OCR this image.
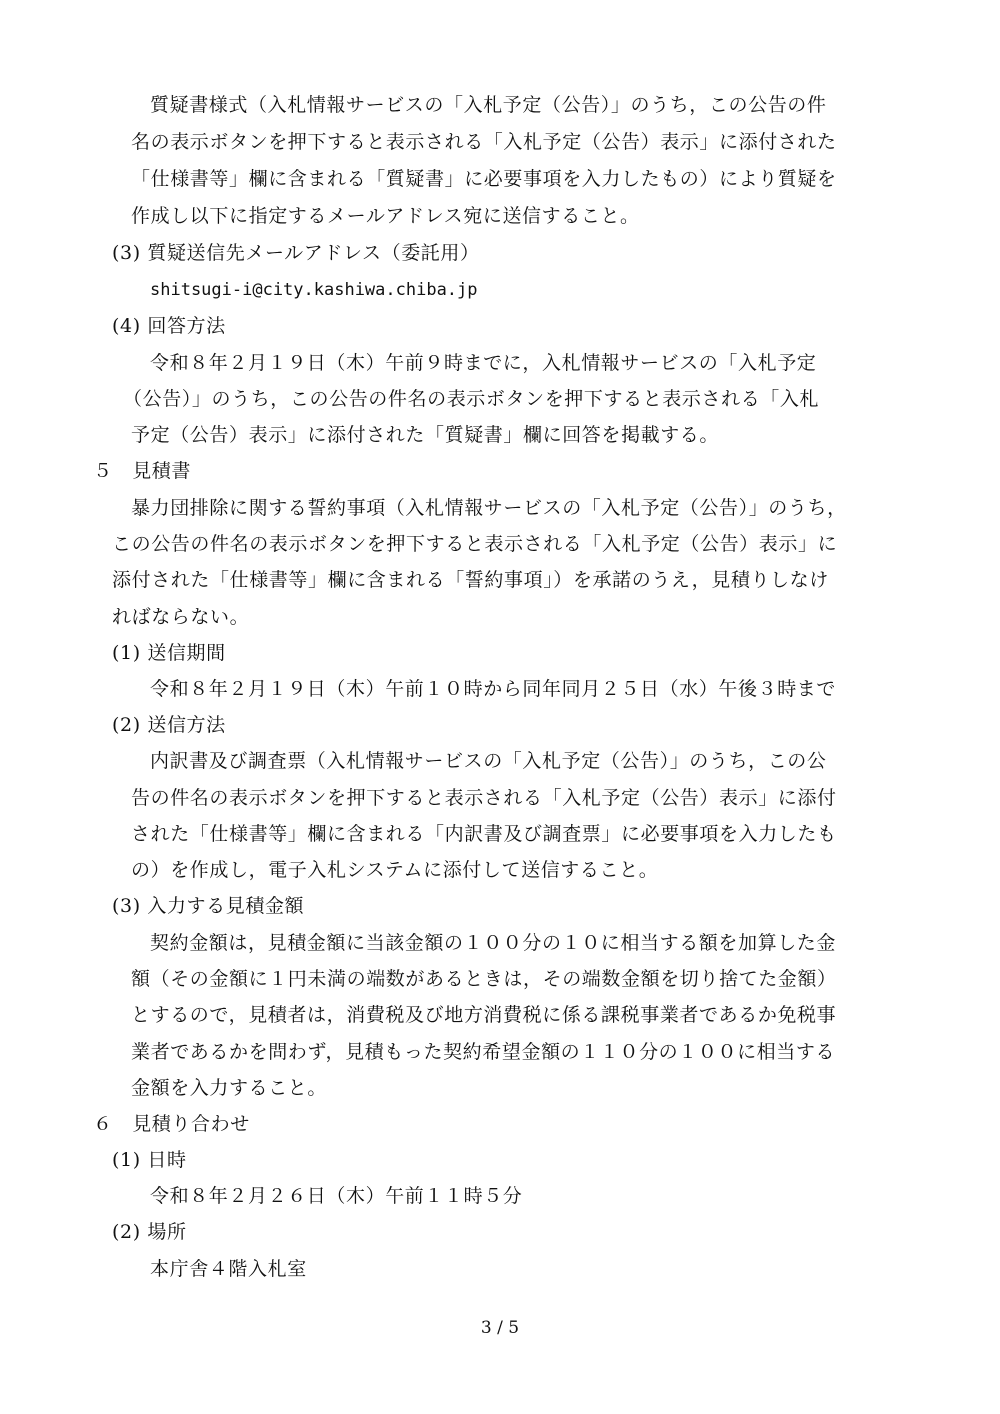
質疑書様式（入札情報サービスの「入札予定（公告）」のうち，この公告の件
名の表示ボタンを押下すると表示される「入札予定（公告）表示」に添付された
「仕様書等」欄に含まれる「質疑書」に必要事項を入力したもの）により質疑を
作成し以下に指定するメールアドレス宛に送信すること。
(3) 質疑送信先メールアドレス（委託用）
shitsugi-i@city.kashiwa.chiba.jp
(4) 回答方法
令和８年２月１９日（木）午前９時までに，入札情報サービスの「入札予定
（公告）」のうち，この公告の件名の表示ボタンを押下すると表示される「入札
予定（公告）表示」に添付された「質疑書」欄に回答を掲載する。
５　見積書
暴力団排除に関する誓約事項（入札情報サービスの「入札予定（公告）」のうち，
この公告の件名の表示ボタンを押下すると表示される「入札予定（公告）表示」に
添付された「仕様書等」欄に含まれる「誓約事項」）を承諾のうえ，見積りしなけ
ればならない。
(1) 送信期間
令和８年２月１９日（木）午前１０時から同年同月２５日（水）午後３時まで
(2) 送信方法
内訳書及び調査票（入札情報サービスの「入札予定（公告）」のうち，この公
告の件名の表示ボタンを押下すると表示される「入札予定（公告）表示」に添付
された「仕様書等」欄に含まれる「内訳書及び調査票」に必要事項を入力したも
の）を作成し，電子入札システムに添付して送信すること。
(3) 入力する見積金額
契約金額は，見積金額に当該金額の１００分の１０に相当する額を加算した金
額（その金額に１円未満の端数があるときは，その端数金額を切り捨てた金額）
とするので，見積者は，消費税及び地方消費税に係る課税事業者であるか免税事
業者であるかを問わず，見積もった契約希望金額の１１０分の１００に相当する
金額を入力すること。
６　見積り合わせ
(1) 日時
令和８年２月２６日（木）午前１１時５分
(2) 場所
本庁舎４階入札室
3 / 5
